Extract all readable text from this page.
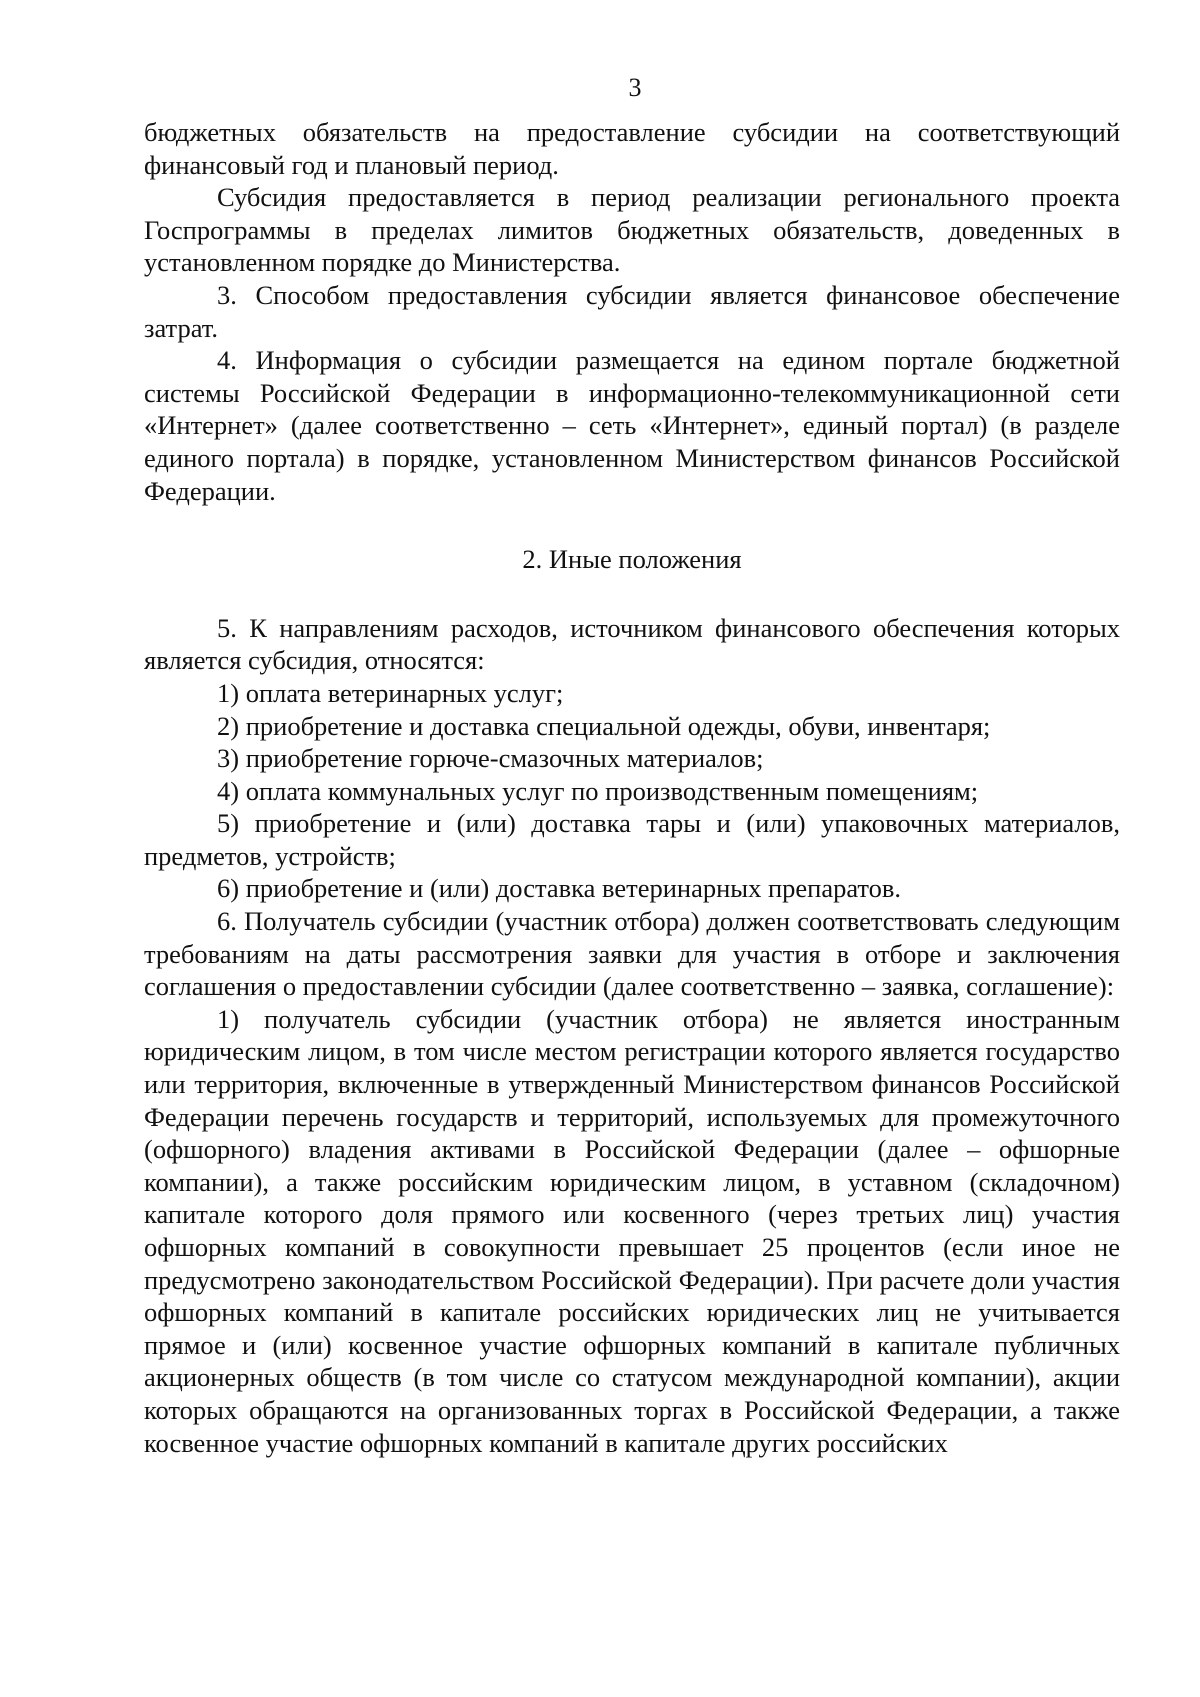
3

бюджетных обязательств на предоставление субсидии на соответствующий финансовый год и плановый период.

Субсидия предоставляется в период реализации регионального проекта Госпрограммы в пределах лимитов бюджетных обязательств, доведенных в установленном порядке до Министерства.

3. Способом предоставления субсидии является финансовое обеспечение затрат.

4. Информация о субсидии размещается на едином портале бюджетной системы Российской Федерации в информационно-телекоммуникационной сети «Интернет» (далее соответственно – сеть «Интернет», единый портал) (в разделе единого портала) в порядке, установленном Министерством финансов Российской Федерации.

2. Иные положения

5. К направлениям расходов, источником финансового обеспечения которых является субсидия, относятся:

1) оплата ветеринарных услуг;

2) приобретение и доставка специальной одежды, обуви, инвентаря;

3) приобретение горюче-смазочных материалов;

4) оплата коммунальных услуг по производственным помещениям;

5) приобретение и (или) доставка тары и (или) упаковочных материалов, предметов, устройств;

6) приобретение и (или) доставка ветеринарных препаратов.

6. Получатель субсидии (участник отбора) должен соответствовать следующим требованиям на даты рассмотрения заявки для участия в отборе и заключения соглашения о предоставлении субсидии (далее соответственно – заявка, соглашение):

1) получатель субсидии (участник отбора) не является иностранным юридическим лицом, в том числе местом регистрации которого является государство или территория, включенные в утвержденный Министерством финансов Российской Федерации перечень государств и территорий, используемых для промежуточного (офшорного) владения активами в Российской Федерации (далее – офшорные компании), а также российским юридическим лицом, в уставном (складочном) капитале которого доля прямого или косвенного (через третьих лиц) участия офшорных компаний в совокупности превышает 25 процентов (если иное не предусмотрено законодательством Российской Федерации). При расчете доли участия офшорных компаний в капитале российских юридических лиц не учитывается прямое и (или) косвенное участие офшорных компаний в капитале публичных акционерных обществ (в том числе со статусом международной компании), акции которых обращаются на организованных торгах в Российской Федерации, а также косвенное участие офшорных компаний в капитале других российских
